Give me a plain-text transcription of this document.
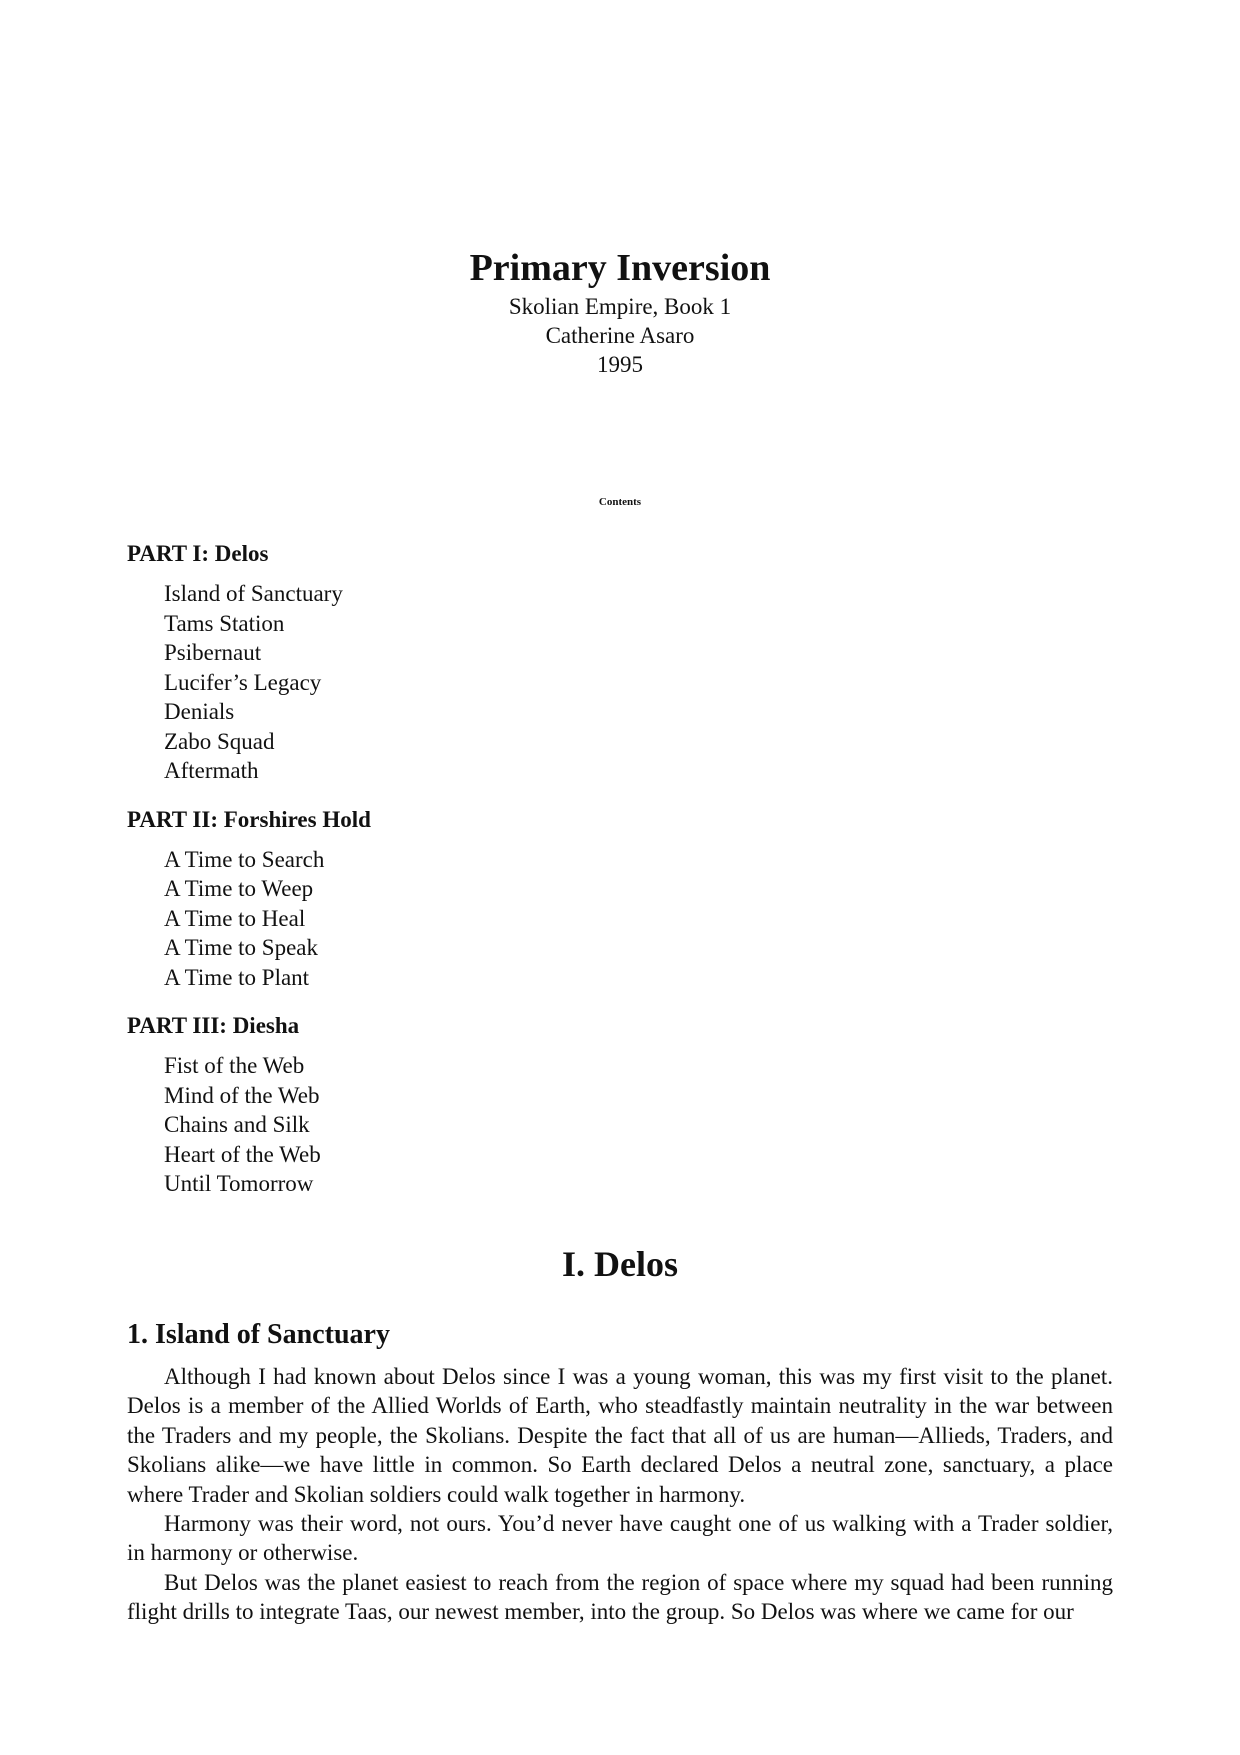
Primary Inversion
Skolian Empire, Book 1
Catherine Asaro
1995
Contents
PART I: Delos
Island of Sanctuary
Tams Station
Psibernaut
Lucifer’s Legacy
Denials
Zabo Squad
Aftermath
PART II: Forshires Hold
A Time to Search
A Time to Weep
A Time to Heal
A Time to Speak
A Time to Plant
PART III: Diesha
Fist of the Web
Mind of the Web
Chains and Silk
Heart of the Web
Until Tomorrow
I. Delos
1. Island of Sanctuary

Although I had known about Delos since I was a young woman, this was my first visit to the planet. Delos is a member of the Allied Worlds of Earth, who steadfastly maintain neutrality in the war between the Traders and my people, the Skolians. Despite the fact that all of us are human—Allieds, Traders, and Skolians alike—we have little in common. So Earth declared Delos a neutral zone, sanctuary, a place where Trader and Skolian soldiers could walk together in harmony.

Harmony was their word, not ours. You’d never have caught one of us walking with a Trader soldier, in harmony or otherwise.

But Delos was the planet easiest to reach from the region of space where my squad had been running flight drills to integrate Taas, our newest member, into the group. So Delos was where we came for our
